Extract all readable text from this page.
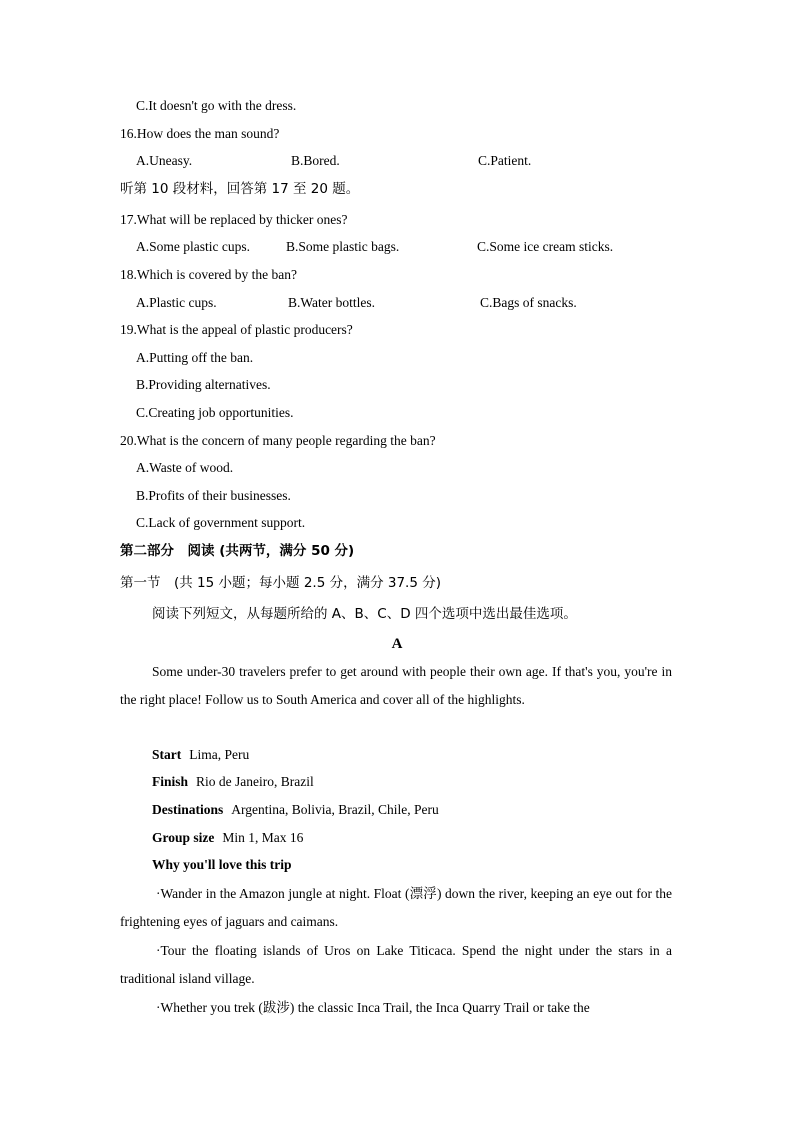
C.It doesn't go with the dress.
16.How does the man sound?
A.Uneasy.	B.Bored.	C.Patient.
听第 10 段材料，回答第 17 至 20 题。
17.What will be replaced by thicker ones?
A.Some plastic cups.	B.Some plastic bags.	C.Some ice cream sticks.
18.Which is covered by the ban?
A.Plastic cups.	B.Water bottles.	C.Bags of snacks.
19.What is the appeal of plastic producers?
A.Putting off the ban.
B.Providing alternatives.
C.Creating job opportunities.
20.What is the concern of many people regarding the ban?
A.Waste of wood.
B.Profits of their businesses.
C.Lack of government support.
第二部分　阅读 (共两节，满分 50 分)
第一节　(共 15 小题；每小题 2.5 分，满分 37.5 分)
阅读下列短文，从每题所给的 A、B、C、D 四个选项中选出最佳选项。
A
Some under-30 travelers prefer to get around with people their own age. If that's you, you're in the right place! Follow us to South America and cover all of the highlights.
Start Lima, Peru
Finish Rio de Janeiro, Brazil
Destinations Argentina, Bolivia, Brazil, Chile, Peru
Group size Min 1, Max 16
Why you'll love this trip
·Wander in the Amazon jungle at night. Float (漂浮) down the river, keeping an eye out for the frightening eyes of jaguars and caimans.
·Tour the floating islands of Uros on Lake Titicaca. Spend the night under the stars in a traditional island village.
·Whether you trek (跋涉) the classic Inca Trail, the Inca Quarry Trail or take the
